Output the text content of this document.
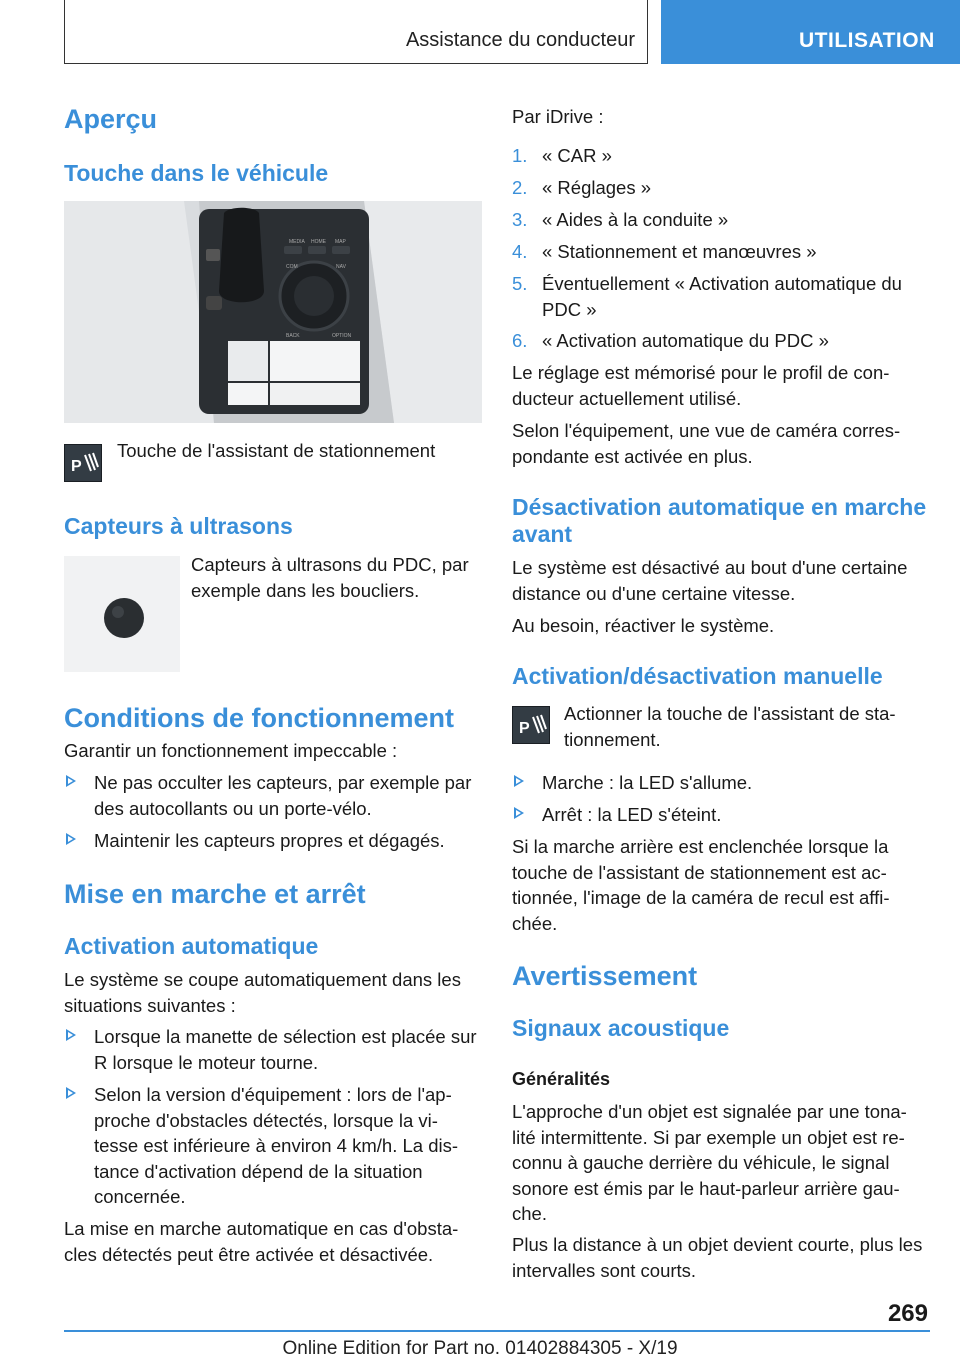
Assistance du conducteur	UTILISATION
Aperçu
Touche dans le véhicule
MEDIA HOME MAP
COM	NAV
BACK	OPTION
P
Touche de l'assistant de stationnement
Capteurs à ultrasons
Capteurs à ultrasons du PDC, par exemple dans les boucliers.
Conditions de fonctionnement
Garantir un fonctionnement impeccable :
Ne pas occulter les capteurs, par exemple par des autocollants ou un porte-vélo.
Maintenir les capteurs propres et dégagés.
Mise en marche et arrêt
Activation automatique
Le système se coupe automatiquement dans les situations suivantes :
Lorsque la manette de sélection est placée sur R lorsque le moteur tourne.
Selon la version d'équipement : lors de l'ap-proche d'obstacles détectés, lorsque la vi-tesse est inférieure à environ 4 km/h. La dis-tance d'activation dépend de la situation concernée.
La mise en marche automatique en cas d'obsta-cles détectés peut être activée et désactivée.
Par iDrive :
1. « CAR »
2. « Réglages »
3. « Aides à la conduite »
4. « Stationnement et manœuvres »
5. Éventuellement « Activation automatique du PDC »
6. « Activation automatique du PDC »
Le réglage est mémorisé pour le profil de con-ducteur actuellement utilisé.
Selon l'équipement, une vue de caméra corres-pondante est activée en plus.
Désactivation automatique en marche avant
Le système est désactivé au bout d'une certaine distance ou d'une certaine vitesse.
Au besoin, réactiver le système.
Activation/désactivation manuelle
P
Actionner la touche de l'assistant de sta-tionnement.
Marche : la LED s'allume.
Arrêt : la LED s'éteint.
Si la marche arrière est enclenchée lorsque la touche de l'assistant de stationnement est ac-tionnée, l'image de la caméra de recul est affi-chée.
Avertissement
Signaux acoustique
Généralités
L'approche d'un objet est signalée par une tona-lité intermittente. Si par exemple un objet est re-connu à gauche derrière du véhicule, le signal sonore est émis par le haut-parleur arrière gau-che.
Plus la distance à un objet devient courte, plus les intervalles sont courts.
269
Online Edition for Part no. 01402884305 - X/19
